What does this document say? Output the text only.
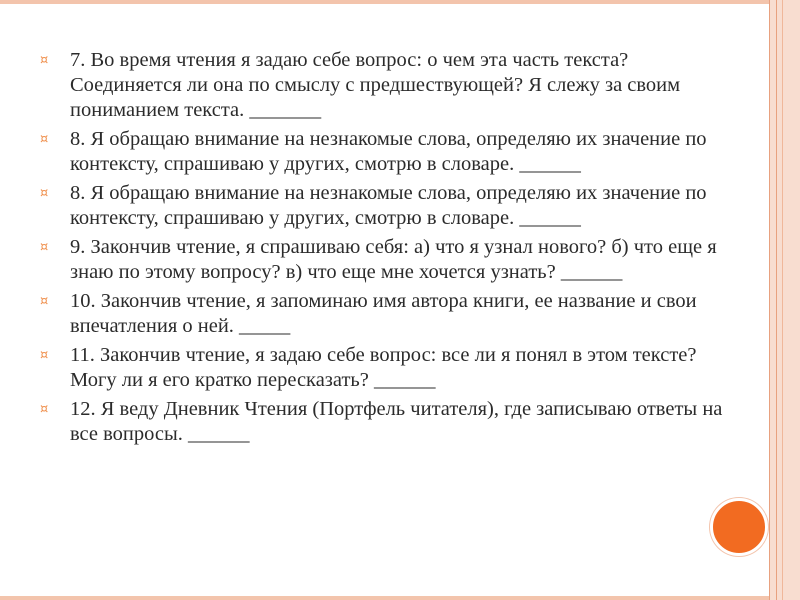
¤	7. Во время чтения я задаю себе вопрос: о чем эта часть текста? Соединяется ли она по смыслу с предшествующей? Я слежу за своим пониманием текста. _______
¤	8. Я обращаю внимание на незнакомые слова, определяю их значение по контексту, спрашиваю у других, смотрю в словаре. ______
¤	8. Я обращаю внимание на незнакомые слова, определяю их значение по контексту, спрашиваю у других, смотрю в словаре. ______
¤	9. Закончив чтение, я спрашиваю себя: а) что я узнал нового? б) что еще я знаю по этому вопросу? в) что еще мне хочется узнать? ______
¤	10. Закончив чтение, я запоминаю имя автора книги, ее название и свои впечатления о ней. _____
¤	11. Закончив чтение, я задаю себе вопрос: все ли я понял в этом тексте? Могу ли я его кратко пересказать? ______
¤	12. Я веду Дневник Чтения (Портфель читателя), где записываю ответы на все вопросы. ______
